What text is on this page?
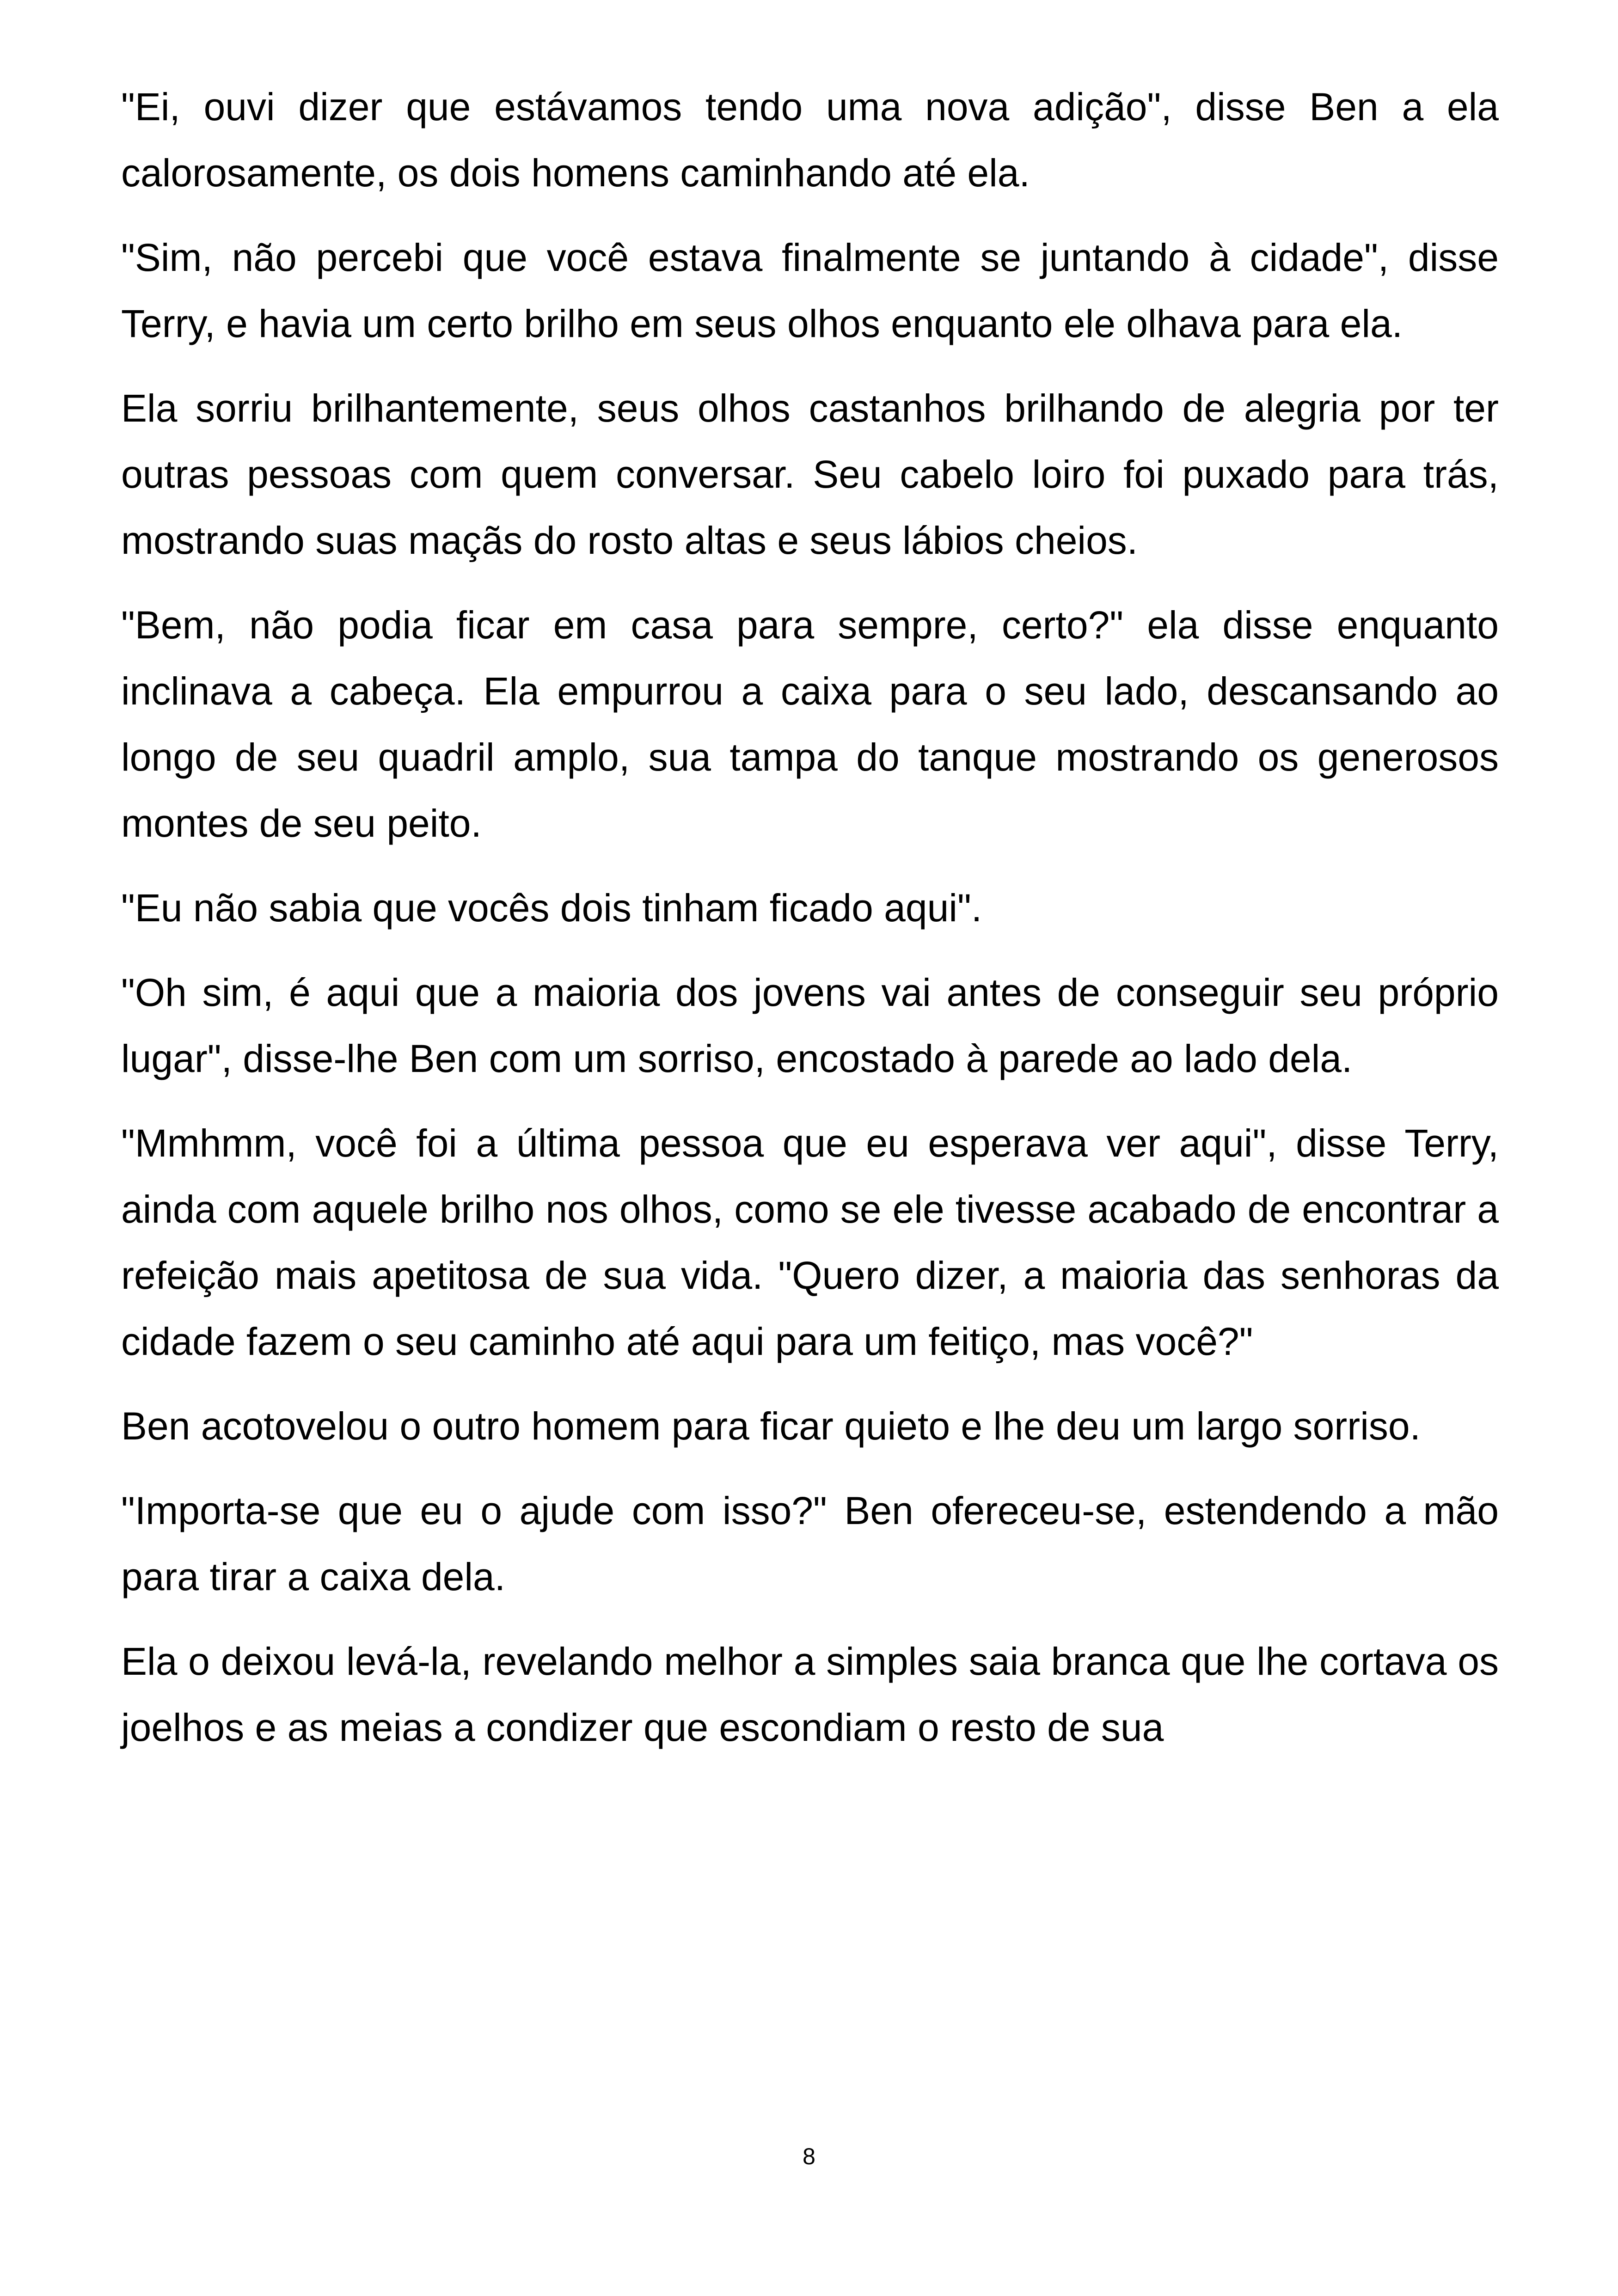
"Ei, ouvi dizer que estávamos tendo uma nova adição", disse Ben a ela calorosamente, os dois homens caminhando até ela.

"Sim, não percebi que você estava finalmente se juntando à cidade", disse Terry, e havia um certo brilho em seus olhos enquanto ele olhava para ela.

Ela sorriu brilhantemente, seus olhos castanhos brilhando de alegria por ter outras pessoas com quem conversar. Seu cabelo loiro foi puxado para trás, mostrando suas maçãs do rosto altas e seus lábios cheios.

"Bem, não podia ficar em casa para sempre, certo?" ela disse enquanto inclinava a cabeça. Ela empurrou a caixa para o seu lado, descansando ao longo de seu quadril amplo, sua tampa do tanque mostrando os generosos montes de seu peito.

"Eu não sabia que vocês dois tinham ficado aqui".

"Oh sim, é aqui que a maioria dos jovens vai antes de conseguir seu próprio lugar", disse-lhe Ben com um sorriso, encostado à parede ao lado dela.

"Mmhmm, você foi a última pessoa que eu esperava ver aqui", disse Terry, ainda com aquele brilho nos olhos, como se ele tivesse acabado de encontrar a refeição mais apetitosa de sua vida. "Quero dizer, a maioria das senhoras da cidade fazem o seu caminho até aqui para um feitiço, mas você?"

Ben acotovelou o outro homem para ficar quieto e lhe deu um largo sorriso.

"Importa-se que eu o ajude com isso?" Ben ofereceu-se, estendendo a mão para tirar a caixa dela.

Ela o deixou levá-la, revelando melhor a simples saia branca que lhe cortava os joelhos e as meias a condizer que escondiam o resto de sua

8
